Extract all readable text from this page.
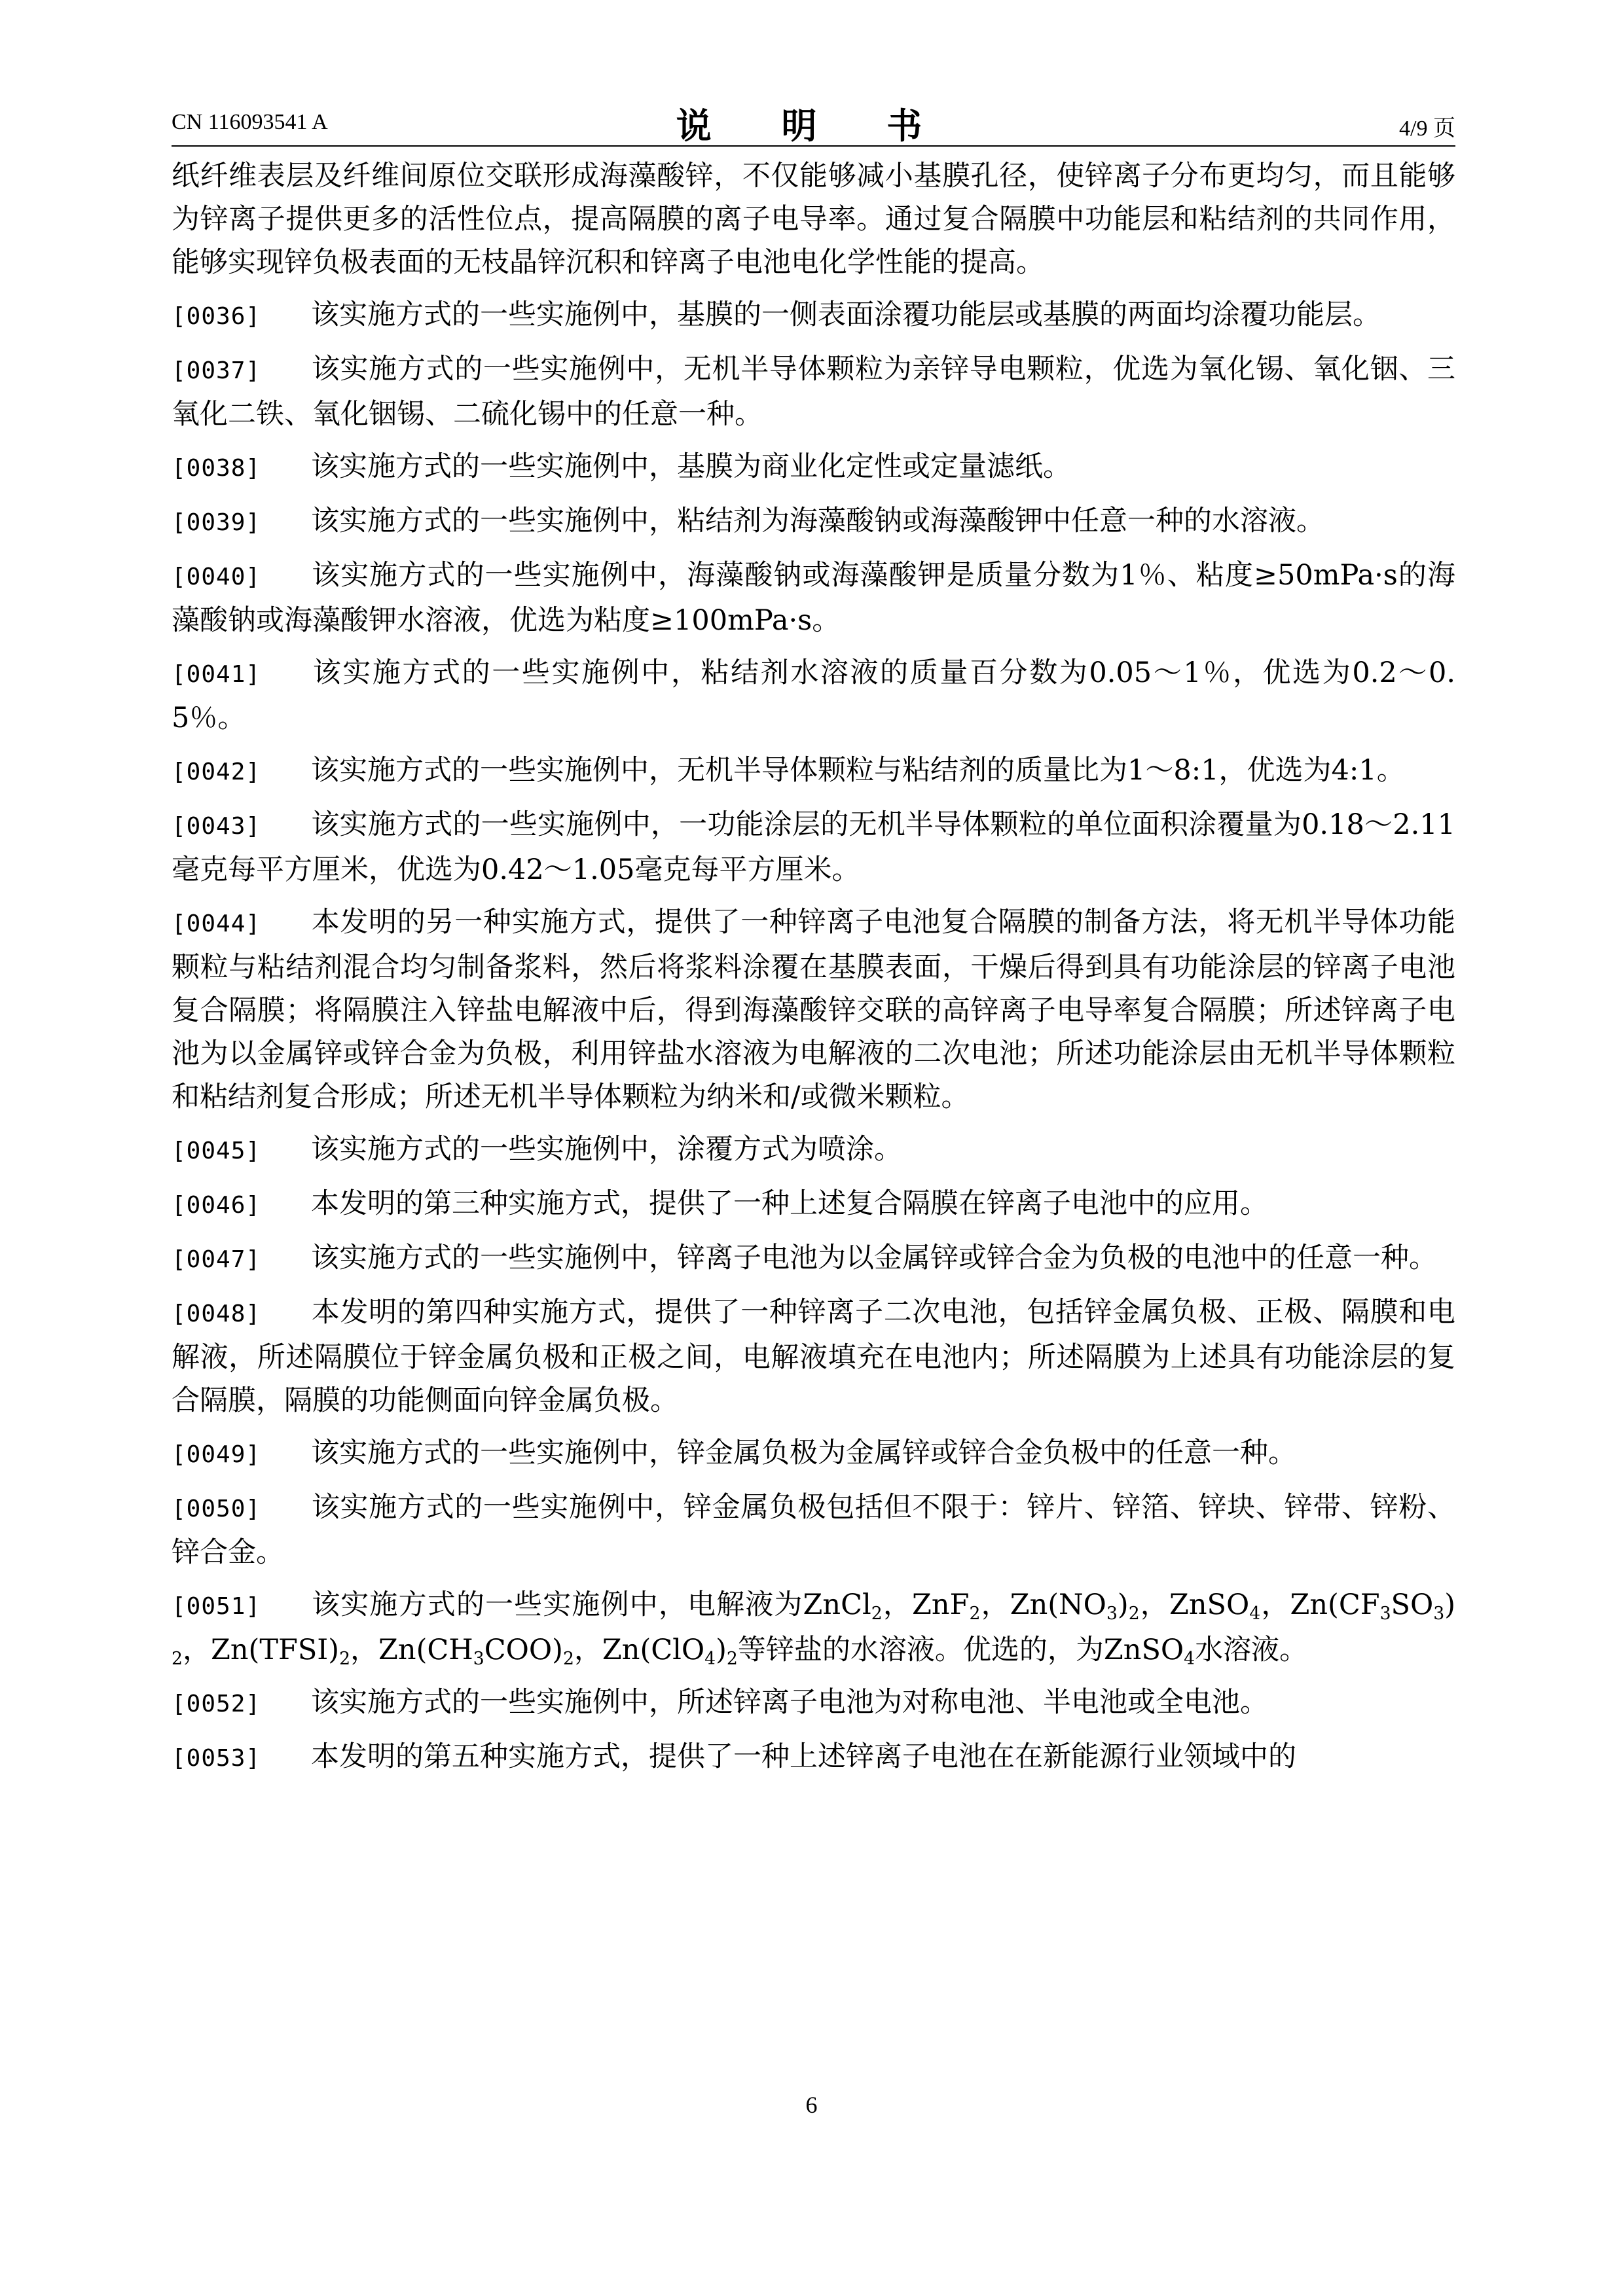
CN 116093541 A	说 明 书	4/9 页

纸纤维表层及纤维间原位交联形成海藻酸锌，不仅能够减小基膜孔径，使锌离子分布更均匀，而且能够为锌离子提供更多的活性位点，提高隔膜的离子电导率。通过复合隔膜中功能层和粘结剂的共同作用，能够实现锌负极表面的无枝晶锌沉积和锌离子电池电化学性能的提高。

[0036] 该实施方式的一些实施例中，基膜的一侧表面涂覆功能层或基膜的两面均涂覆功能层。

[0037] 该实施方式的一些实施例中，无机半导体颗粒为亲锌导电颗粒，优选为氧化锡、氧化铟、三氧化二铁、氧化铟锡、二硫化锡中的任意一种。

[0038] 该实施方式的一些实施例中，基膜为商业化定性或定量滤纸。

[0039] 该实施方式的一些实施例中，粘结剂为海藻酸钠或海藻酸钾中任意一种的水溶液。

[0040] 该实施方式的一些实施例中，海藻酸钠或海藻酸钾是质量分数为1％、粘度≥50mPa·s的海藻酸钠或海藻酸钾水溶液，优选为粘度≥100mPa·s。

[0041] 该实施方式的一些实施例中，粘结剂水溶液的质量百分数为0.05～1％，优选为0.2～0.5％。

[0042] 该实施方式的一些实施例中，无机半导体颗粒与粘结剂的质量比为1～8:1，优选为4:1。

[0043] 该实施方式的一些实施例中，一功能涂层的无机半导体颗粒的单位面积涂覆量为0.18～2.11毫克每平方厘米，优选为0.42～1.05毫克每平方厘米。

[0044] 本发明的另一种实施方式，提供了一种锌离子电池复合隔膜的制备方法，将无机半导体功能颗粒与粘结剂混合均匀制备浆料，然后将浆料涂覆在基膜表面，干燥后得到具有功能涂层的锌离子电池复合隔膜；将隔膜注入锌盐电解液中后，得到海藻酸锌交联的高锌离子电导率复合隔膜；所述锌离子电池为以金属锌或锌合金为负极，利用锌盐水溶液为电解液的二次电池；所述功能涂层由无机半导体颗粒和粘结剂复合形成；所述无机半导体颗粒为纳米和/或微米颗粒。

[0045] 该实施方式的一些实施例中，涂覆方式为喷涂。

[0046] 本发明的第三种实施方式，提供了一种上述复合隔膜在锌离子电池中的应用。

[0047] 该实施方式的一些实施例中，锌离子电池为以金属锌或锌合金为负极的电池中的任意一种。

[0048] 本发明的第四种实施方式，提供了一种锌离子二次电池，包括锌金属负极、正极、隔膜和电解液，所述隔膜位于锌金属负极和正极之间，电解液填充在电池内；所述隔膜为上述具有功能涂层的复合隔膜，隔膜的功能侧面向锌金属负极。

[0049] 该实施方式的一些实施例中，锌金属负极为金属锌或锌合金负极中的任意一种。

[0050] 该实施方式的一些实施例中，锌金属负极包括但不限于：锌片、锌箔、锌块、锌带、锌粉、锌合金。

[0051] 该实施方式的一些实施例中，电解液为ZnCl$_2$，ZnF$_2$，$Zn(NO_3)_2$，ZnSO$_4$，$Zn(CF_3SO_3)_2$，$Zn(TFSI)_2$，$Zn(CH_3COO)_2$，$Zn(ClO_4)_2$等锌盐的水溶液。优选的，为ZnSO$_4$水溶液。

[0052] 该实施方式的一些实施例中，所述锌离子电池为对称电池、半电池或全电池。

[0053] 本发明的第五种实施方式，提供了一种上述锌离子电池在在新能源行业领域中的

6
